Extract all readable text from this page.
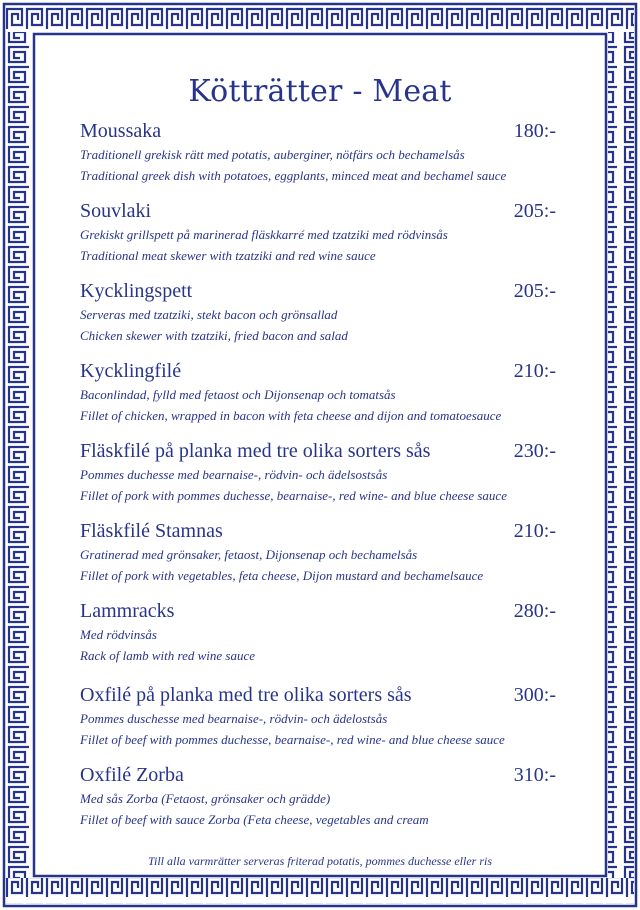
Kötträtter - Meat
Moussaka	180:-
Traditionell grekisk rätt med potatis, auberginer, nötfärs och bechamelsås
Traditional greek dish with potatoes, eggplants, minced meat and bechamel sauce
Souvlaki	205:-
Grekiskt grillspett på marinerad fläskkarré med tzatziki med rödvinsås
Traditional meat skewer with tzatziki and red wine sauce
Kycklingspett	205:-
Serveras med tzatziki, stekt bacon och grönsallad
Chicken skewer with tzatziki, fried bacon and salad
Kycklingfilé	210:-
Baconlindad, fylld med fetaost och Dijonsenap och tomatsås
Fillet of chicken, wrapped in bacon with feta cheese and dijon and tomatoesauce
Fläskfilé på planka med tre olika sorters sås	230:-
Pommes duchesse med bearnaise-, rödvin- och ädelsostsås
Fillet of pork with pommes duchesse, bearnaise-, red wine- and blue cheese sauce
Fläskfilé Stamnas	210:-
Gratinerad med grönsaker, fetaost, Dijonsenap och bechamelsås
Fillet of pork with vegetables, feta cheese, Dijon mustard and bechamelsauce
Lammracks	280:-
Med rödvinsås
Rack of lamb with red wine sauce
Oxfilé på planka med tre olika sorters sås	300:-
Pommes duschesse med bearnaise-, rödvin- och ädelostsås
Fillet of beef with pommes duchesse, bearnaise-, red wine- and blue cheese sauce
Oxfilé Zorba	310:-
Med sås Zorba (Fetaost, grönsaker och grädde)
Fillet of beef with sauce Zorba (Feta cheese, vegetables and cream
Till alla varmrätter serveras friterad potatis, pommes duchesse eller ris
